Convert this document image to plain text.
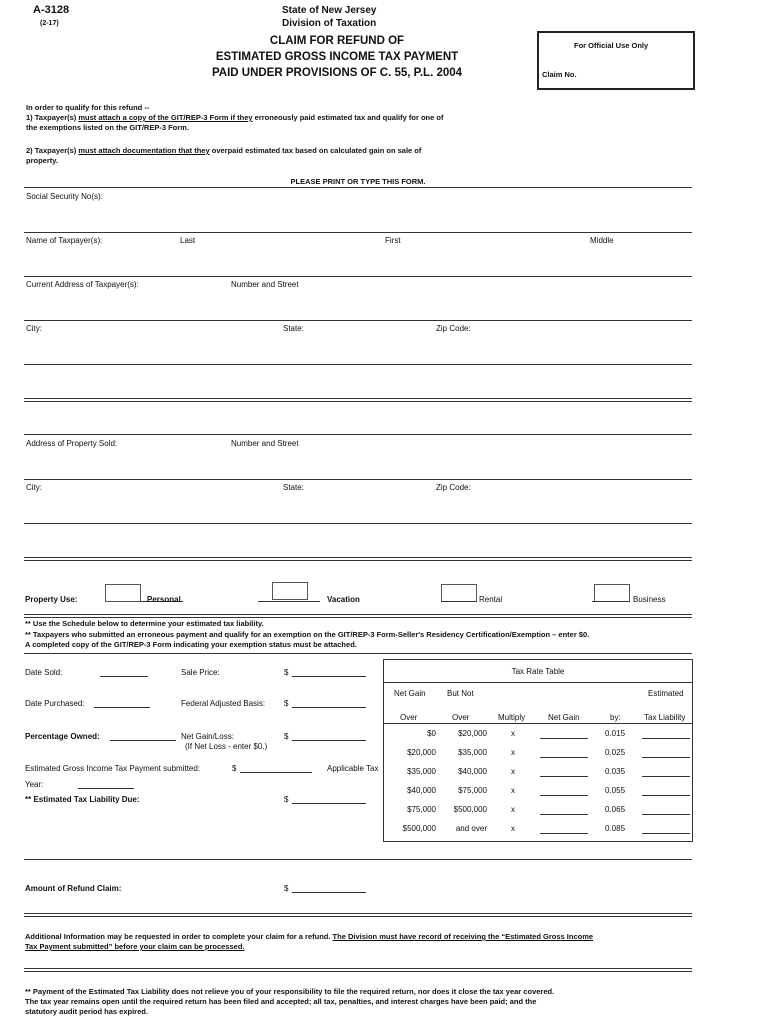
A-3128
(2-17)
State of New Jersey
Division of Taxation
CLAIM FOR REFUND OF
ESTIMATED GROSS INCOME TAX PAYMENT
PAID UNDER PROVISIONS OF C. 55, P.L. 2004
For Official Use Only
Claim No.
In order to qualify for this refund --
1) Taxpayer(s) must attach a copy of the GIT/REP-3 Form if they erroneously paid estimated tax and qualify for one of
the exemptions listed on the GIT/REP-3 Form.
2) Taxpayer(s) must attach documentation that they overpaid estimated tax based on calculated gain on sale of
property.
PLEASE PRINT OR TYPE THIS FORM.
Social Security No(s):
Name of Taxpayer(s):	Last	First	Middle
Current Address of Taxpayer(s):	Number and Street
City:	State:	Zip Code:
Address of Property Sold:	Number and Street
City:	State:	Zip Code:
Property Use:	Personal	Vacation	Rental	Business
** Use the Schedule below to determine your estimated tax liability.
** Taxpayers who submitted an erroneous payment and qualify for an exemption on the GIT/REP-3 Form-Seller's Residency Certification/Exemption – enter $0.
A completed copy of the GIT/REP-3 Form indicating your exemption status must be attached.
Date Sold:	Sale Price:	$
Date Purchased:	Federal Adjusted Basis: $
Percentage Owned:	Net Gain/Loss:
(If Net Loss - enter $0.)
$
Estimated Gross Income Tax Payment submitted:	$	Applicable Tax
Year:
** Estimated Tax Liability Due:	$
Tax Rate Table
Net Gain	But Not	Estimated
Over	Over	Multiply	Net Gain	by:	Tax Liability
$0	$20,000	x	0.015
$20,000	$35,000	x	0.025
$35,000	$40,000	x	0.035
$40,000	$75,000	x	0.055
$75,000 $500,000	x	0.065
$500,000 and over	x	0.085
Amount of Refund Claim:	$
Additional Information may be requested in order to complete your claim for a refund. The Division must have record of receiving the “Estimated Gross Income
Tax Payment submitted” before your claim can be processed.
** Payment of the Estimated Tax Liability does not relieve you of your responsibility to file the required return, nor does it close the tax year covered.
The tax year remains open until the required return has been filed and accepted; all tax, penalties, and interest charges have been paid; and the
statutory audit period has expired.
